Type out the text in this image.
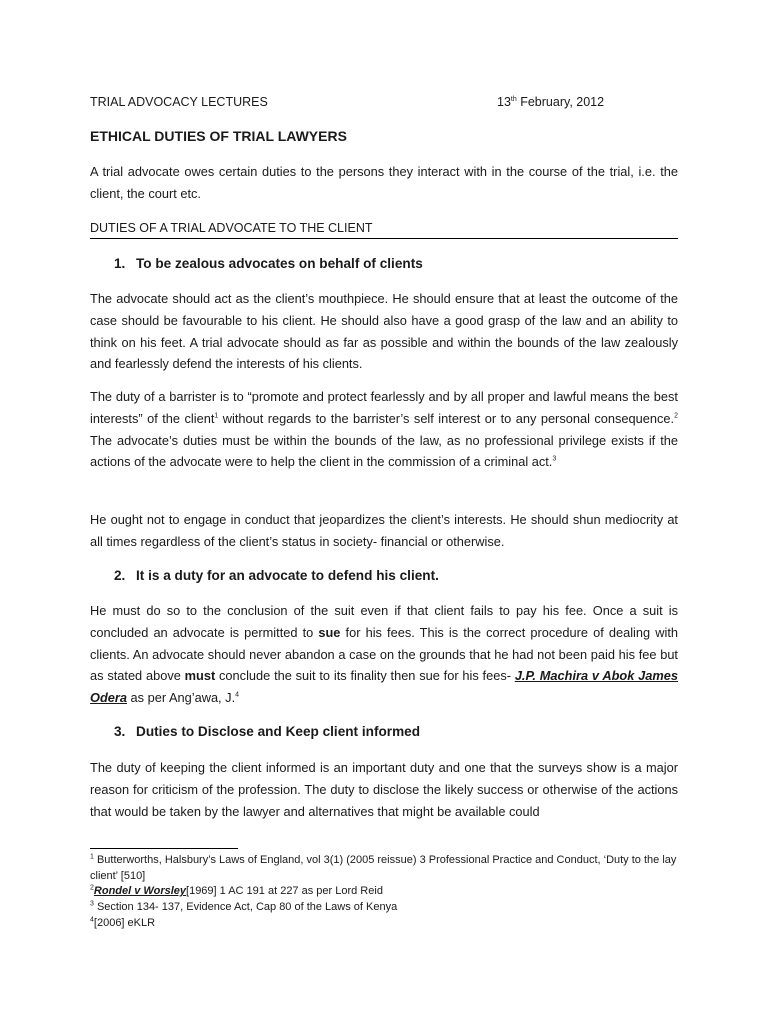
TRIAL ADVOCACY LECTURES	13th February, 2012
ETHICAL DUTIES OF TRIAL LAWYERS

A trial advocate owes certain duties to the persons they interact with in the course of the trial, i.e. the client, the court etc.

DUTIES OF A TRIAL ADVOCATE TO THE CLIENT
1. To be zealous advocates on behalf of clients

The advocate should act as the client’s mouthpiece. He should ensure that at least the outcome of the case should be favourable to his client. He should also have a good grasp of the law and an ability to think on his feet. A trial advocate should as far as possible and within the bounds of the law zealously and fearlessly defend the interests of his clients.

The duty of a barrister is to “promote and protect fearlessly and by all proper and lawful means the best interests” of the client$^1$ without regards to the barrister’s self interest or to any personal consequence.$^2$ The advocate’s duties must be within the bounds of the law, as no professional privilege exists if the actions of the advocate were to help the client in the commission of a criminal act.$^3$

He ought not to engage in conduct that jeopardizes the client’s interests. He should shun mediocrity at all times regardless of the client’s status in society- financial or otherwise.

2. It is a duty for an advocate to defend his client.

He must do so to the conclusion of the suit even if that client fails to pay his fee. Once a suit is concluded an advocate is permitted to sue for his fees. This is the correct procedure of dealing with clients. An advocate should never abandon a case on the grounds that he had not been paid his fee but as stated above must conclude the suit to its finality then sue for his fees- J.P. Machira v Abok James Odera as per Ang’awa, J.$^4$

3. Duties to Disclose and Keep client informed

The duty of keeping the client informed is an important duty and one that the surveys show is a major reason for criticism of the profession. The duty to disclose the likely success or otherwise of the actions that would be taken by the lawyer and alternatives that might be available could

$^1$ Butterworths, Halsbury’s Laws of England, vol 3(1) (2005 reissue) 3 Professional Practice and Conduct, ‘Duty to the lay client’ [510]
$^2$Rondel v Worsley[1969] 1 AC 191 at 227 as per Lord Reid
$^3$ Section 134- 137, Evidence Act, Cap 80 of the Laws of Kenya
$^4$[2006] eKLR
